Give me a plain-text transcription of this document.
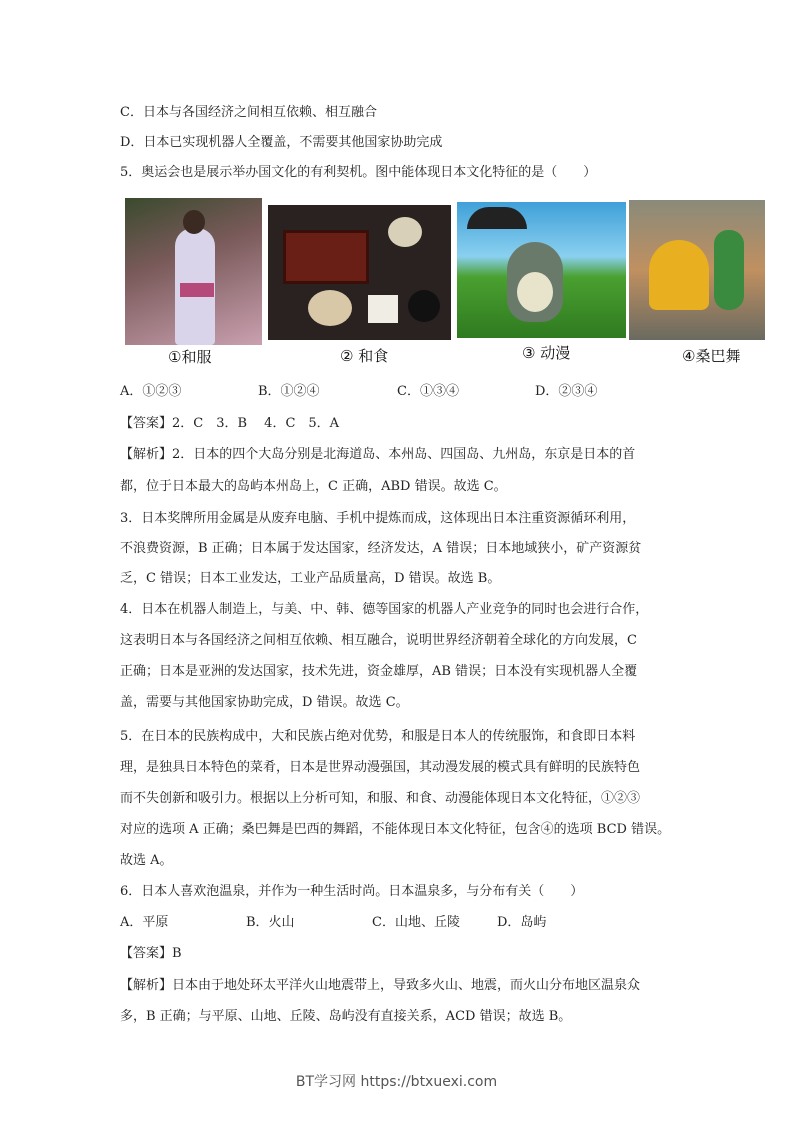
C．日本与各国经济之间相互依赖、相互融合
D．日本已实现机器人全覆盖，不需要其他国家协助完成
5．奥运会也是展示举办国文化的有利契机。图中能体现日本文化特征的是（　　）
①和服	② 和食	③ 动漫	④桑巴舞
A．①②③	B．①②④	C．①③④	D．②③④
【答案】2．C　3．B　 4．C　5．A
【解析】2．日本的四个大岛分别是北海道岛、本州岛、四国岛、九州岛，东京是日本的首
都，位于日本最大的岛屿本州岛上，C 正确，ABD 错误。故选 C。
3．日本奖牌所用金属是从废弃电脑、手机中提炼而成，这体现出日本注重资源循环利用，
不浪费资源，B 正确；日本属于发达国家，经济发达，A 错误；日本地域狭小，矿产资源贫
乏，C 错误；日本工业发达，工业产品质量高，D 错误。故选 B。
4．日本在机器人制造上，与美、中、韩、德等国家的机器人产业竞争的同时也会进行合作，
这表明日本与各国经济之间相互依赖、相互融合，说明世界经济朝着全球化的方向发展，C
正确；日本是亚洲的发达国家，技术先进，资金雄厚，AB 错误；日本没有实现机器人全覆
盖，需要与其他国家协助完成，D 错误。故选 C。
5．在日本的民族构成中，大和民族占绝对优势，和服是日本人的传统服饰，和食即日本料
理，是独具日本特色的菜肴，日本是世界动漫强国，其动漫发展的模式具有鲜明的民族特色
而不失创新和吸引力。根据以上分析可知，和服、和食、动漫能体现日本文化特征，①②③
对应的选项 A 正确；桑巴舞是巴西的舞蹈，不能体现日本文化特征，包含④的选项 BCD 错误。
故选 A。
6．日本人喜欢泡温泉，并作为一种生活时尚。日本温泉多，与分布有关（　　）
A．平原	B．火山	C．山地、丘陵	D．岛屿
【答案】B
【解析】日本由于地处环太平洋火山地震带上，导致多火山、地震，而火山分布地区温泉众
多，B 正确；与平原、山地、丘陵、岛屿没有直接关系，ACD 错误；故选 B。
BT学习网 https://btxuexi.com
